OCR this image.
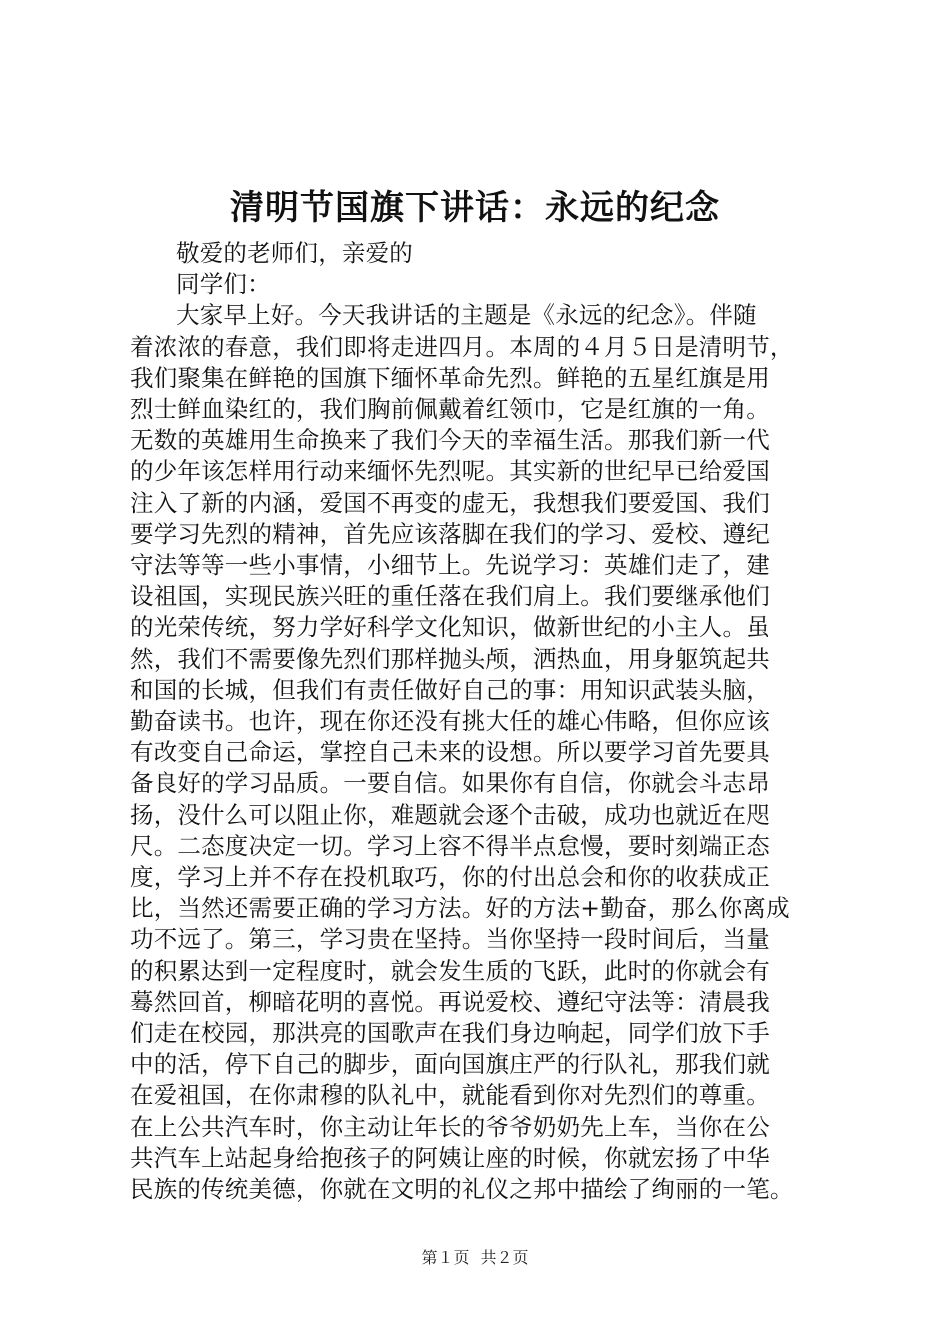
清明节国旗下讲话：永远的纪念
敬爱的老师们，亲爱的
同学们：
大家早上好。今天我讲话的主题是《永远的纪念》。伴随
着浓浓的春意，我们即将走进四月。本周的４月５日是清明节，
我们聚集在鲜艳的国旗下缅怀革命先烈。鲜艳的五星红旗是用
烈士鲜血染红的，我们胸前佩戴着红领巾，它是红旗的一角。
无数的英雄用生命换来了我们今天的幸福生活。那我们新一代
的少年该怎样用行动来缅怀先烈呢。其实新的世纪早已给爱国
注入了新的内涵，爱国不再变的虚无，我想我们要爱国、我们
要学习先烈的精神，首先应该落脚在我们的学习、爱校、遵纪
守法等等一些小事情，小细节上。先说学习：英雄们走了，建
设祖国，实现民族兴旺的重任落在我们肩上。我们要继承他们
的光荣传统，努力学好科学文化知识，做新世纪的小主人。虽
然，我们不需要像先烈们那样抛头颅，洒热血，用身躯筑起共
和国的长城，但我们有责任做好自己的事：用知识武装头脑，
勤奋读书。也许，现在你还没有挑大任的雄心伟略，但你应该
有改变自己命运，掌控自己未来的设想。所以要学习首先要具
备良好的学习品质。一要自信。如果你有自信，你就会斗志昂
扬，没什么可以阻止你，难题就会逐个击破，成功也就近在咫
尺。二态度决定一切。学习上容不得半点怠慢，要时刻端正态
度，学习上并不存在投机取巧，你的付出总会和你的收获成正
比，当然还需要正确的学习方法。好的方法+勤奋，那么你离成
功不远了。第三，学习贵在坚持。当你坚持一段时间后，当量
的积累达到一定程度时，就会发生质的飞跃，此时的你就会有
蓦然回首，柳暗花明的喜悦。再说爱校、遵纪守法等：清晨我
们走在校园，那洪亮的国歌声在我们身边响起，同学们放下手
中的活，停下自己的脚步，面向国旗庄严的行队礼，那我们就
在爱祖国，在你肃穆的队礼中，就能看到你对先烈们的尊重。
在上公共汽车时，你主动让年长的爷爷奶奶先上车，当你在公
共汽车上站起身给抱孩子的阿姨让座的时候，你就宏扬了中华
民族的传统美德，你就在文明的礼仪之邦中描绘了绚丽的一笔。
第１页 共２页
